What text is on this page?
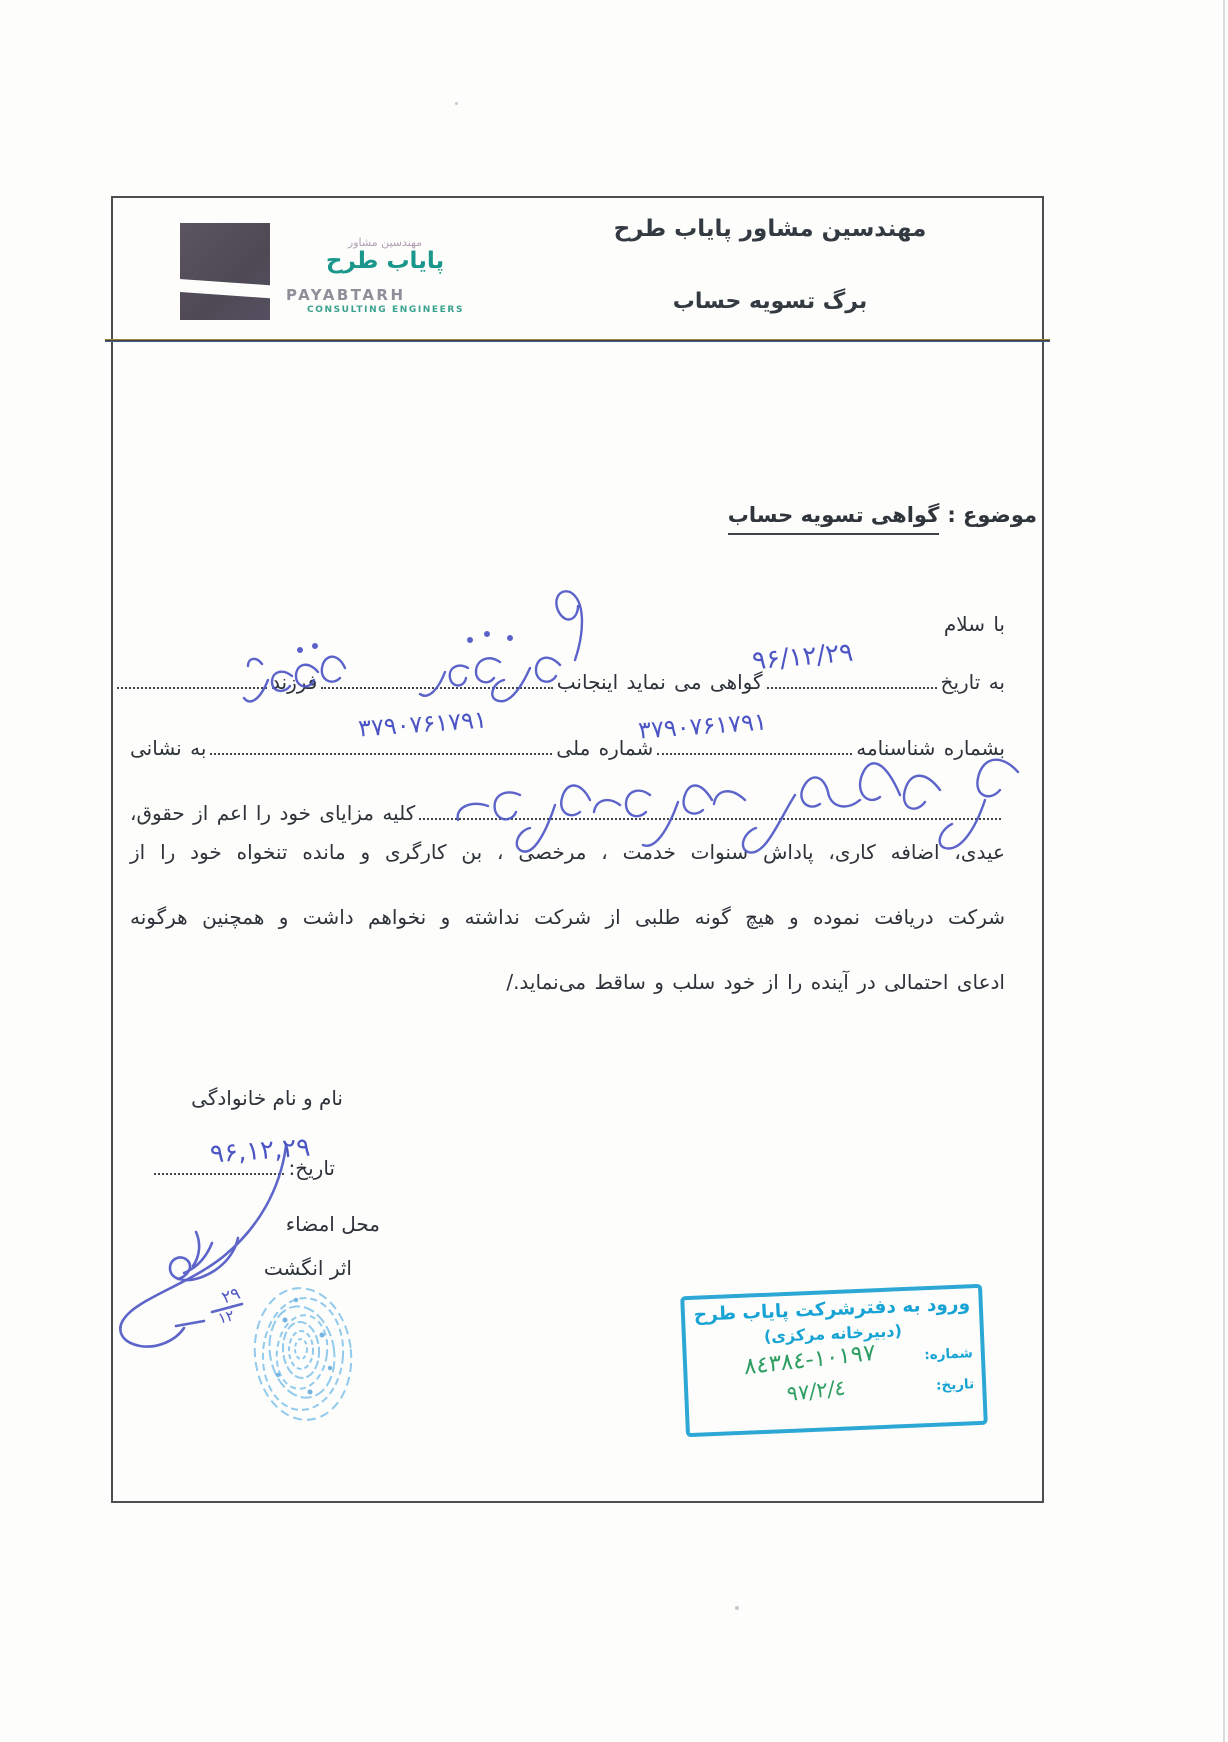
مهندسین مشاور
پایاب طرح
PAYABTARH
CONSULTING ENGINEERS
مهندسین مشاور پایاب طرح
برگ تسویه حساب
موضوع :
گواهی تسویه حساب
با سلام
به تاریخ
گواهی می نماید اینجانب
فرزند
بشماره شناسنامه
شماره ملی
به نشانی
کلیه مزایای خود را اعم از حقوق،
عیدی، اضافه کاری، پاداش سنوات خدمت ، مرخصی ، بن کارگری و مانده تنخواه خود را از
شرکت دریافت نموده و هیچ گونه طلبی از شرکت نداشته و نخواهم داشت و همچنین هرگونه
ادعای احتمالی در آینده را از خود سلب و ساقط می‌نماید./
نام و نام خانوادگی
تاریخ:
محل امضاء
اثر انگشت
۹۶/۱۲/۲۹
۳۷۹۰۷۶۱۷۹۱
۳۷۹۰۷۶۱۷۹۱
۹۶,۱۲,۲۹
۲۹
۱۲	ورود به دفترشرکت پایاب طرح
(دبیرخانه مرکزی)
شماره:
١٠١٩٧-٨٤٣٨٤
تاریخ:
٩٧/٢/٤
